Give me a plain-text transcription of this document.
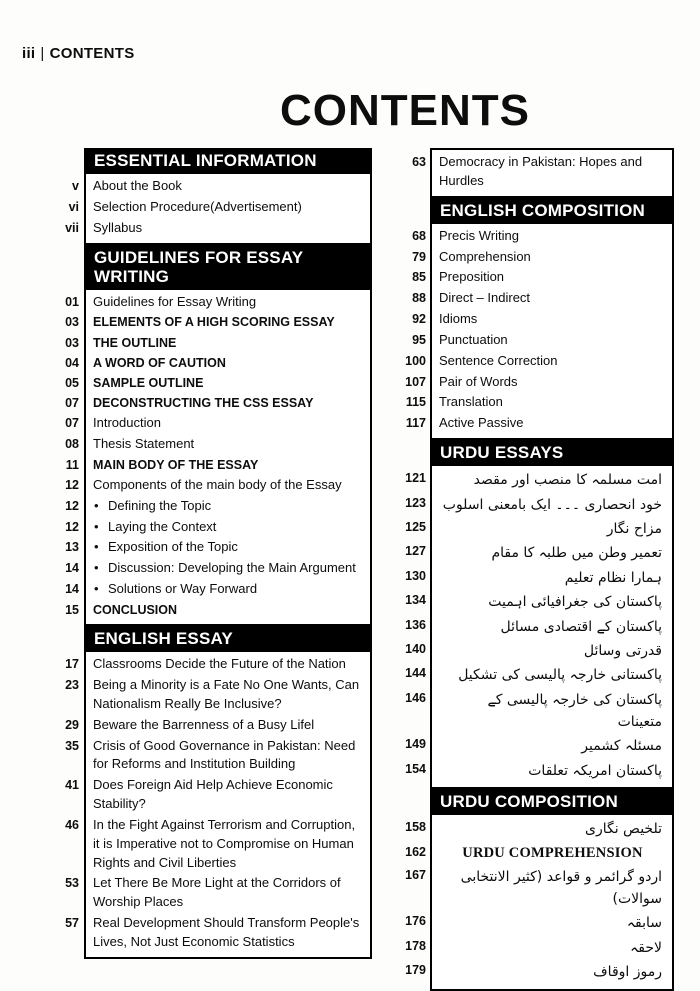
iii | CONTENTS
CONTENTS
ESSENTIAL INFORMATION
v	About the Book
vi	Selection Procedure(Advertisement)
vii	Syllabus
GUIDELINES FOR ESSAY WRITING
01	Guidelines for Essay Writing
03	ELEMENTS OF A HIGH SCORING ESSAY
03	THE OUTLINE
04	A WORD OF CAUTION
05	SAMPLE OUTLINE
07	DECONSTRUCTING THE CSS ESSAY
07	Introduction
08	Thesis Statement
11	MAIN BODY OF THE ESSAY
12	Components of the main body of the Essay
12	• Defining the Topic
12	• Laying the Context
13	• Exposition of the Topic
14	• Discussion: Developing the Main Argument
14	• Solutions or Way Forward
15	CONCLUSION
ENGLISH ESSAY
17	Classrooms Decide the Future of the Nation
23	Being a Minority is a Fate No One Wants, Can Nationalism Really Be Inclusive?
29	Beware the Barrenness of a Busy Lifel
35	Crisis of Good Governance in Pakistan: Need for Reforms and Institution Building
41	Does Foreign Aid Help Achieve Economic Stability?
46	In the Fight Against Terrorism and Corruption, it is Imperative not to Compromise on Human Rights and Civil Liberties
53	Let There Be More Light at the Corridors of Worship Places
57	Real Development Should Transform People's Lives, Not Just Economic Statistics
63	Democracy in Pakistan: Hopes and Hurdles
ENGLISH COMPOSITION
68	Precis Writing
79	Comprehension
85	Preposition
88	Direct – Indirect
92	Idioms
95	Punctuation
100	Sentence Correction
107	Pair of Words
115	Translation
117	Active Passive
URDU ESSAYS
121	امت مسلمہ کا منصب اور مقصد
123	خود انحصاری ۔۔۔ ایک بامعنی اسلوب
125	مزاح نگار
127	تعمیر وطن میں طلبہ کا مقام
130	ہمارا نظام تعلیم
134	پاکستان کی جغرافیائی اہمیت
136	پاکستان کے اقتصادی مسائل
140	قدرتی وسائل
144	پاکستانی خارجہ پالیسی کی تشکیل
146	پاکستان کی خارجہ پالیسی کے متعینات
149	مسئلہ کشمیر
154	پاکستان امریکہ تعلقات
URDU COMPOSITION
158	تلخیص نگاری
162	URDU COMPREHENSION
167	اردو گرائمر و قواعد (کثیر الانتخابی سوالات)
176	سابقہ
178	لاحقہ
179	رموز اوقاف
